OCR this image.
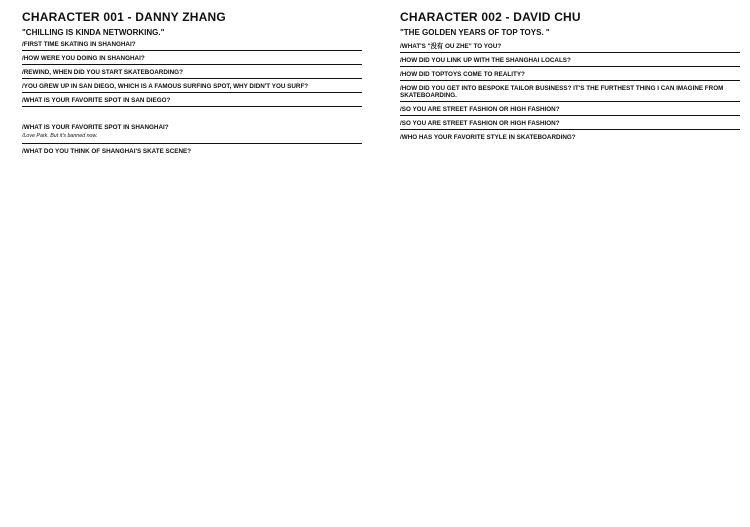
CHARACTER 001 - DANNY ZHANG
"CHILLING IS KINDA NETWORKING."
/FIRST TIME SKATING IN SHANGHAI?
/HOW WERE YOU DOING IN SHANGHAI?
/REWIND, WHEN DID YOU START SKATEBOARDING?
/YOU GREW UP IN SAN DIEGO, WHICH IS A FAMOUS SURFING SPOT, WHY DIDN'T YOU SURF?
/WHAT IS YOUR FAVORITE SPOT IN SAN DIEGO?
/WHAT IS YOUR FAVORITE SPOT IN SHANGHAI?
/Love Park. But it's banned now.
/WHAT DO YOU THINK OF SHANGHAI'S SKATE SCENE?
CHARACTER 002 - DAVID CHU
"THE GOLDEN YEARS OF TOP TOYS. "
/WHAT'S "没有 OU ZHE" TO YOU?
/HOW DID YOU LINK UP WITH THE SHANGHAI LOCALS?
/HOW DID TOPTOYS COME TO REALITY?
/HOW DID YOU GET INTO BESPOKE TAILOR BUSINESS? IT'S THE FURTHEST THING I CAN IMAGINE FROM SKATEBOARDING.
/SO YOU ARE STREET FASHION OR HIGH FASHION?
/SO YOU ARE STREET FASHION OR HIGH FASHION?
/WHO HAS YOUR FAVORITE STYLE IN SKATEBOARDING?
